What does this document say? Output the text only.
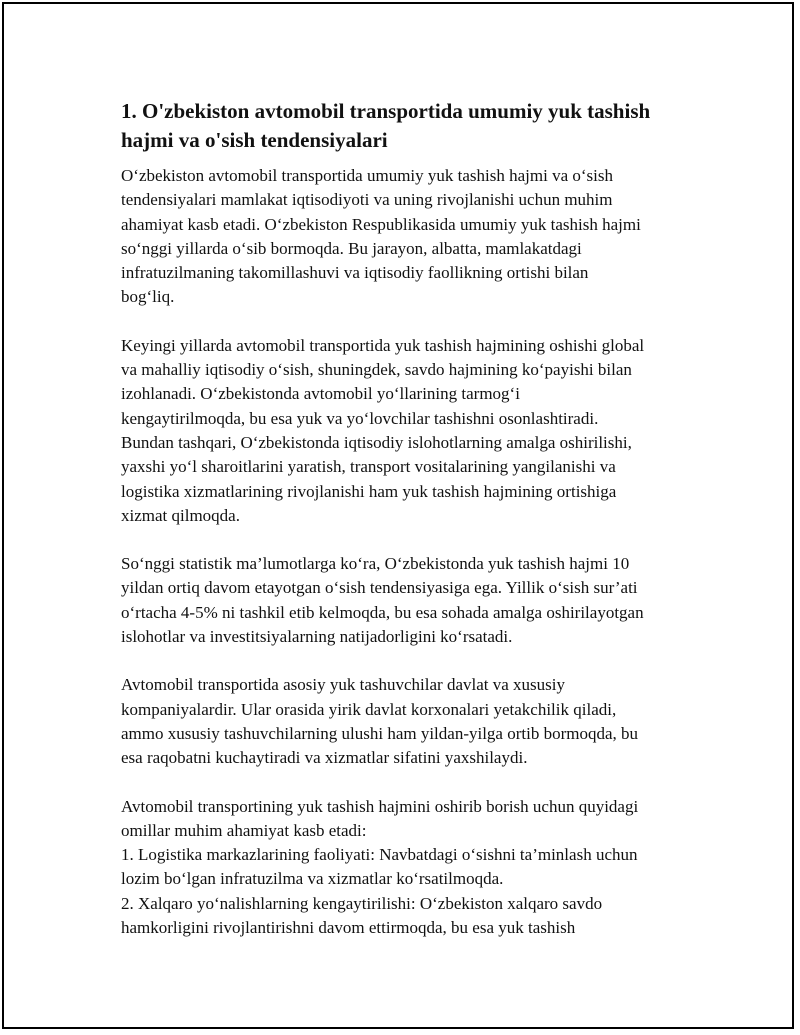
1. O'zbekiston avtomobil transportida umumiy yuk tashish
hajmi va o'sish tendensiyalari

O‘zbekiston avtomobil transportida umumiy yuk tashish hajmi va o‘sish
tendensiyalari mamlakat iqtisodiyoti va uning rivojlanishi uchun muhim
ahamiyat kasb etadi. O‘zbekiston Respublikasida umumiy yuk tashish hajmi
so‘nggi yillarda o‘sib bormoqda. Bu jarayon, albatta, mamlakatdagi
infratuzilmaning takomillashuvi va iqtisodiy faollikning ortishi bilan
bog‘liq.

Keyingi yillarda avtomobil transportida yuk tashish hajmining oshishi global
va mahalliy iqtisodiy o‘sish, shuningdek, savdo hajmining ko‘payishi bilan
izohlanadi. O‘zbekistonda avtomobil yo‘llarining tarmog‘i
kengaytirilmoqda, bu esa yuk va yo‘lovchilar tashishni osonlashtiradi.
Bundan tashqari, O‘zbekistonda iqtisodiy islohotlarning amalga oshirilishi,
yaxshi yo‘l sharoitlarini yaratish, transport vositalarining yangilanishi va
logistika xizmatlarining rivojlanishi ham yuk tashish hajmining ortishiga
xizmat qilmoqda.

So‘nggi statistik ma’lumotlarga ko‘ra, O‘zbekistonda yuk tashish hajmi 10
yildan ortiq davom etayotgan o‘sish tendensiyasiga ega. Yillik o‘sish sur’ati
o‘rtacha 4-5% ni tashkil etib kelmoqda, bu esa sohada amalga oshirilayotgan
islohotlar va investitsiyalarning natijadorligini ko‘rsatadi.

Avtomobil transportida asosiy yuk tashuvchilar davlat va xususiy
kompaniyalardir. Ular orasida yirik davlat korxonalari yetakchilik qiladi,
ammo xususiy tashuvchilarning ulushi ham yildan-yilga ortib bormoqda, bu
esa raqobatni kuchaytiradi va xizmatlar sifatini yaxshilaydi.

Avtomobil transportining yuk tashish hajmini oshirib borish uchun quyidagi
omillar muhim ahamiyat kasb etadi:
1. Logistika markazlarining faoliyati: Navbatdagi o‘sishni ta’minlash uchun
lozim bo‘lgan infratuzilma va xizmatlar ko‘rsatilmoqda.
2. Xalqaro yo‘nalishlarning kengaytirilishi: O‘zbekiston xalqaro savdo
hamkorligini rivojlantirishni davom ettirmoqda, bu esa yuk tashish
